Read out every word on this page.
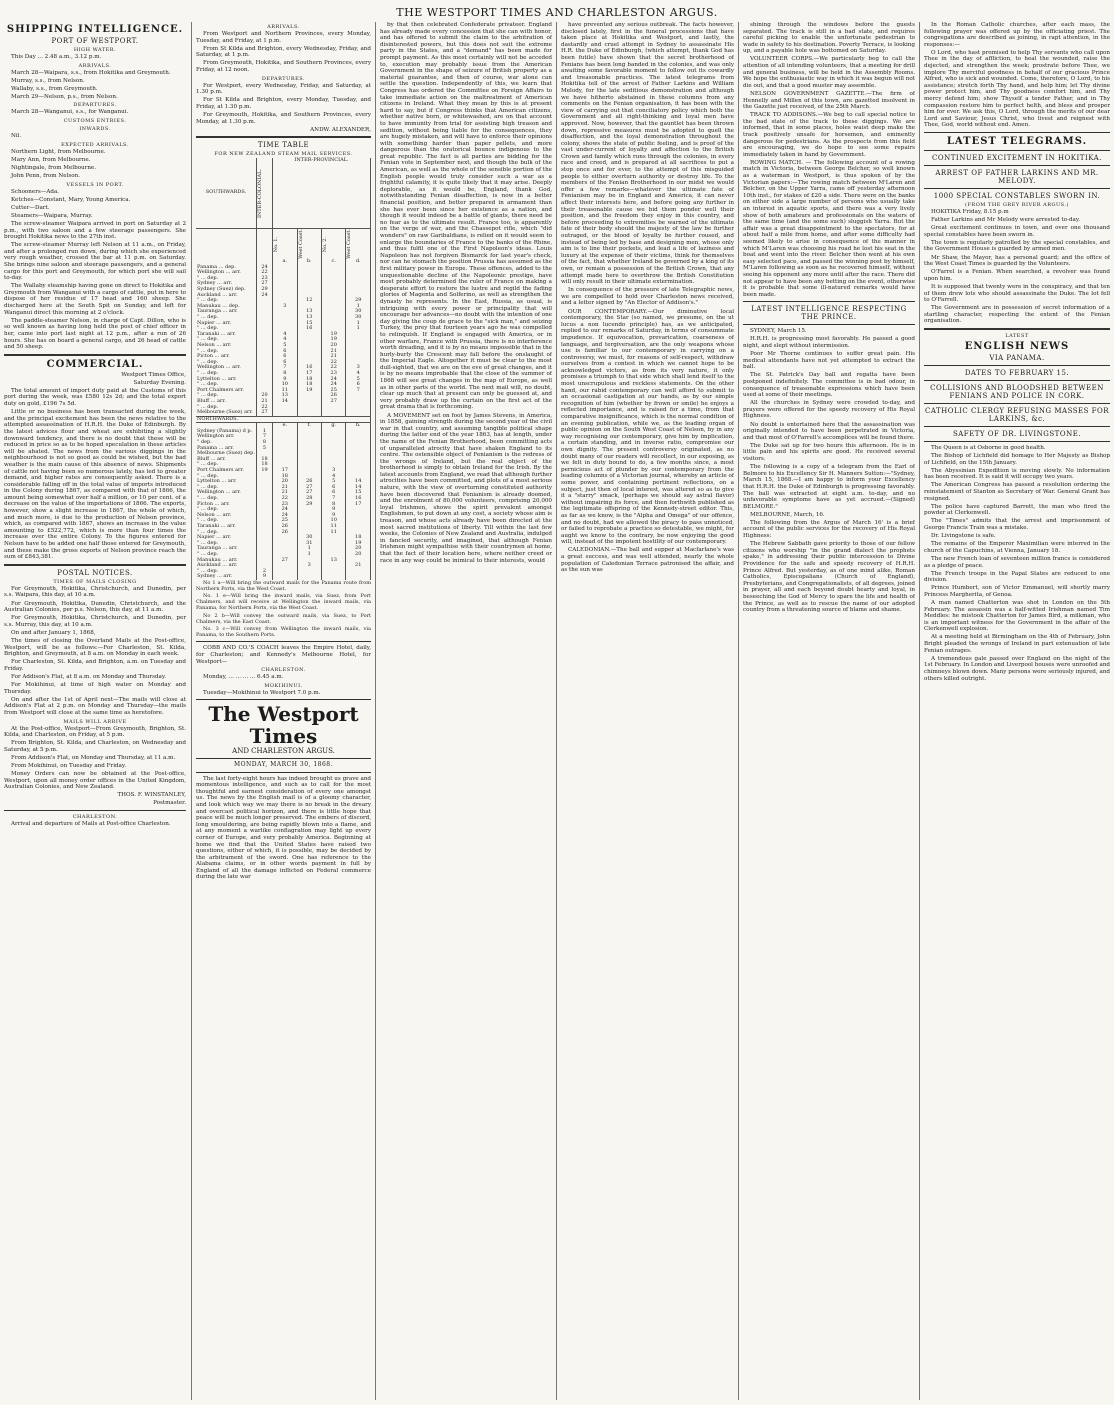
THE WESTPORT TIMES AND CHARLESTON ARGUS.
SHIPPING INTELLIGENCE.
PORT OF WESTPORT.
HIGH WATER.

This Day ... 2.48 a.m., 3.12 p.m.

ARRIVALS.

March 28—Waipara, s.s., from Hokitika and Greymouth.

Murray, s.s., from Nelson.

Wallaby, s.s., from Greymouth.

March 29—Nelson, p.s., from Nelson.

DEPARTURES.

March 28—Wanganui, s.s., for Wanganui.

CUSTOMS ENTRIES.
INWARDS.

Nil.

EXPECTED ARRIVALS.

Northern Light, from Melbourne.

Mary Ann, from Melbourne.

Nightingale, from Melbourne.

John Penn, from Nelson.

VESSELS IN PORT.

Schooners—Ada.

Ketches—Constant, Mary, Young America.

Cutter—Dart.

Steamers—Waipara, Murray.

The screw-steamer Waipara arrived in port on Saturday at 2 p.m., with two saloon and a few steerage passengers. She brought Hokitika news to the 27th inst.

The screw-steamer Murray left Nelson at 11 a.m., on Friday, and after a prolonged run down, during which she experienced very rough weather, crossed the bar at 11 p.m. on Saturday. She brings nine saloon and steerage passengers, and a general cargo for this port and Greymouth, for which port she will sail to-day.

The Wallaby steamship having gone on direct to Hokitika and Greymouth from Wanganui with a cargo of cattle, put in here to dispose of her residue of 17 head and 160 sheep. She discharged here at the South Spit on Sunday, and left for Wanganui direct this morning at 2 o'clock.

The paddle-steamer Nelson, in charge of Capt. Dillon, who is so well known as having long held the post of chief officer in her, came into port last night at 12 p.m., after a run of 26 hours. She has on board a general cargo, and 26 head of cattle and 50 sheep.

COMMERCIAL.

Westport Times Office,

Saturday Evening.

The total amount of import duty paid at the Customs of this port during the week, was £580 12s 2d; and the total export duty on gold, £196 7s 5d.

Little or no business has been transacted during the week, and the principal excitement has been the news relative to the attempted assassination of H.R.H. the Duke of Edinburgh. By the latest advices flour and wheat are exhibiting a slightly downward tendency, and there is no doubt that these will be reduced in price so as to be hoped speculation in these articles will be abated. The news from the various diggings in the neighbourhood is not so good as could be wished, but the bad weather is the main cause of this absence of news. Shipments of cattle not having been so numerous lately, has led to greater demand, and higher rates are consequently asked. There is a considerable falling off in the total value of imports introduced in the Colony during 1867, as compared with that of 1866, the amount being somewhat over half a million, or 10 per cent. of a decrease on the value of the importations of 1866. The exports, however, show a slight increase in 1867, the whole of which, and much more, is due to the production of Nelson province, which, as compared with 1867, shows an increase in the value amounting to £522,772, which is more than four times the increase over the entire Colony. To the figures entered for Nelson have to be added one half those entered for Greymouth, and these make the gross exports of Nelson province reach the sum of £843,381.

POSTAL NOTICES.
TIMES OF MAILS CLOSING

For Greymouth, Hokitika, Christchurch, and Dunedin, per s.s. Waipara, this day, at 10 a.m.

For Greymouth, Hokitika, Dunedin, Christchurch, and the Australian Colonies, per p.s. Nelson, this day, at 11 a.m.

For Greymouth, Hokitika, Christchurch, and Dunedin, per s.s. Murray, this day, at 10 a.m.

On and after January 1, 1868,

The times of closing the Overland Mails at the Post-office, Westport, will be as follows:—For Charleston, St. Kilda, Brighton, and Greymouth, at 8 a.m. on Monday in each week.

For Charleston, St. Kilda, and Brighton, a.m. on Tuesday and Friday.

For Addison's Flat, at 8 a.m. on Monday and Thursday.

For Mokihinui, at time of high water on Monday and Thursday.

On and after the 1st of April next—The mails will close at Addison's Flat at 2 p.m. on Monday and Thursday—the mails from Westport will close at the same time as heretofore.

MAILS WILL ARRIVE

At the Post-office, Westport—From Greymouth, Brighton, St. Kilda, and Charleston, on Friday, at 5 p.m.

From Brighton, St. Kilda, and Charleston, on Wednesday and Saturday, at 5 p.m.

From Addison's Flat, on Monday and Thursday, at 11 a.m.

From Mokihinui, on Tuesday and Friday.

Money Orders can now be obtained at the Post-office, Westport, upon all money order offices in the United Kingdom, Australian Colonies, and New Zealand.

THOS. F. WINSTANLEY,

Postmaster.

CHARLESTON.

Arrival and departure of Mails at Post-office Charleston.

ARRIVALS.

From Westport and Northern Provinces, every Monday, Tuesday, and Friday, at 1 p.m.

From St Kilda and Brighton, every Wednesday, Friday, and Saturday, at 1 p.m.

From Greymouth, Hokitika, and Southern Provinces, every Friday, at 12 noon.

DEPARTURES.

For Westport, every Wednesday, Friday, and Saturday, at 1.30 p.m.

For St Kilda and Brighton, every Monday, Tuesday, and Friday, at 1.30 p.m.

For Greymouth, Hokitika, and Southern Provinces, every Monday, at 1.30 p.m.

ANDW. ALEXANDER,

TIME TABLE
FOR NEW ZEALAND STEAM MAIL SERVICES.
SOUTHWARDS.	INTER-COLONIAL.	INTER-PROVINCIAL.			

		No. 1.	West Coast.	No. 2.	West Coast.

		a.	b.	c.	d.
Panama ... dep.	24				
Wellington ... arr.	22				
" ... dep.	23				
Sydney ... arr.	27				
Sydney (Suez) dep.	29				
Auckland ... arr.	24				
" ... dep.			12		29
Manukau ... dep.		3			1
Tauranga ... arr.			13		30
" ... dep.			13		30
Napier ... arr.			15		1
" ... dep.			16		1
Taranaki ... arr.		4		19	
" ... dep.		4		19	
Nelson ... arr.		5		20	
" ... dep.		6		21	
Picton ... arr.		6		21	
" ... dep.		6		22	
Wellington ... arr.		7	16	22	3
" ... dep.		8	17	23	4
Lyttelton ... arr.		9	18	24	5
" ... dep.		10	18	24	6
Port Chalmers arr.		11	19	25	7
" ... dep.	20	13		26	
Bluff ... arr.	21	14		27	
" ... dep.	22				
Melbourne (Suez) arr.	27				
NORTHWARDS.					
		e.	f.	g.	h.
Sydney (Panama) d p.	1				
Wellington arr.	7				
" dep.	8				
Panama ... arr.	5				
Melbourne (Suez) dep.					
Bluff ... arr.	18				
" ... dep.	18				
Port Chalmers arr.	19	17		3	
" ... dep.		18		4	
Lyttelton ... arr.		20	26	5	14
" ... dep.		21	27	6	14
Wellington ... arr.		21	27	6	15
" ... dep.		22	28	7	16
Picton ... arr.		23	29	8	17
" ... dep.		24		9	
Nelson ... arr.		24		9	
" ... dep.		25		10	
Taranaki ... arr.		26		11	
" ... dep.		26		11	
Napier ... arr.			30		18
" ... dep.			31		19
Tauranga ... arr.			1		20
" ... dep.			1		20
Manukau ... arr.		27		13	
Auckland ... arr.			3		21
" ... dep.	2				
Sydney ... arr.	9				

No 1 a—Will bring the outward mails for the Panama route from Northern Ports, via the West Coast.

No. 1 e—Will bring the inward mails, via Suez, from Port Chalmers, and will receive at Wellington the inward mails, via Panama, for Northern Ports, via the West Coast.

No 2 b—Will convey the outward mails, via Suez, to Port Chalmers, via the East Coast.

No. 3 c—Will convey from Wellington the inward mails, via Panama, to the Southern Ports.

COBB AND CO.'S COACH leaves the Empire Hotel, daily, for Charleston; and Kennedy's Melbourne Hotel, for Westport—

CHARLESTON.

Monday, ... ... ... ... 6.45 a.m.

MOKIHINUI.

Tuesday—Mokihinui to Westport 7.0 p.m.

The Westport Times
AND CHARLESTON ARGUS.
MONDAY, MARCH 30, 1868.

The last forty-eight hours has indeed brought us grave and momentous intelligence, and such as to call for the most thoughtful and earnest consideration of every one amongst us. The news by the English mail is of a gloomy character, and look which way we may there is no break in the dreary and overcast political horizon, and there is little hope that peace will be much longer preserved. The embers of discord, long smouldering, are being rapidly blown into a flame, and at any moment a warlike conflagration may light up every corner of Europe, and very probably America. Beginning at home we find that the United States have raised two questions, either of which, it is possible, may be decided by the arbitrament of the sword. One has reference to the Alabama claims, or in other words payment in full by England of all the damage inflicted on Federal commerce during the late war

by that then celebrated Confederate privateer. England has already made every concession that she can with honor, and has offered to submit the claim to the arbitration of disinterested powers, but this does not suit the extreme party in the States, and a "demand" has been made for prompt payment. As this most certainly will not be acceded to, execution may probably issue from the American Government in the shape of seizure of British property as a material guarantee, and then of course, war alone can settle the question. Independently of this, we learn that Congress has ordered the Committee on Foreign Affairs to take immediate action on the maltreatment of American citizens in Ireland. What they mean by this is at present hard to say, but if Congress thinks that American citizens, whether native born, or whitewashed, are on that account to have immunity from trial for assisting high treason and sedition, without being liable for the consequences, they are hugely mistaken, and will have to enforce their opinions with something harder than paper pellets, and more dangerous than the oratorical bounce indigenous to the great republic. The fact is all parties are bidding for the Fenian vote in September next, and though the bulk of the American, as well as the whole of the sensible portion of the English people would truly consider such a war as a frightful calamity, it is quite likely that it may arise. Deeply deplorable, as it would be, England, thank God, notwithstanding Fenian disaffection, is now in a better financial position, and better prepared in armament than she has ever been since her existence as a nation, and though it would indeed be a battle of giants, there need be no fear as to the ultimate result. France too, is apparently on the verge of war, and the Chassepot rifle, which "did wonders" on raw Garibaldians, is relied on it would seem to enlarge the boundaries of France to the banks of the Rhine, and thus fulfil one of the First Napoleon's ideas. Louis Napoleon has not forgiven Bismarck for last year's check, nor can he stomach the position Prussia has assumed as the first military power in Europe. These offences, added to the unquestionable decline of the Napoleonic prestige, have most probably determined the ruler of France on making a desperate effort to restore the lustre and regild the fading glories of Magenta and Solferino, as well as strengthen the dynasty he represents. In the East, Russia, as usual, is intriguing with every power or principality that will encourage her advances—no doubt with the intention of one day giving the coup de grace to the "sick man," and seizing Turkey, the prey that fourteen years ago he was compelled to relinquish. If England is engaged with America, or in other warfare, France with Prussia, there is no interference worth dreading, and it is by no means impossible that in the hurly-burly the Crescent may fall before the onslaught of the Imperial Eagle. Altogether it must be clear to the most dull-sighted, that we are on the eve of great changes, and it is by no means improbable that the close of the summer of 1868 will see great changes in the map of Europe, as well as in other parts of the world. The next mail will, no doubt, clear up much that at present can only be guessed at, and very probably draw up the curtain on the first act of the great drama that is forthcoming.

A MOVEMENT set on foot by James Stevens, in America, in 1858, gaining strength during the second year of the civil war in that country, and assuming tangible political shape during the latter end of the year 1863, has at length, under the name of the Fenian Brotherhood, been committing acts of unparalleled atrocity that have shaken England to its centre. The ostensible object of Fenianism is the redress of the wrongs of Ireland, but the real object of the brotherhood is simply to obtain Ireland for the Irish. By the latest accounts from England, we read that although further atrocities have been committed, and plots of a most serious nature, with the view of overturning constituted authority have been discovered that Fenianism is already doomed, and the enrolment of 80,000 volunteers, comprising 20,000 loyal Irishmen, shows the spirit prevalent amongst Englishmen, to put down at any cost, a society whose aim is treason, and whose acts already have been directed at the most sacred institutions of liberty. Till within the last few weeks, the Colonies of New Zealand and Australia, indulged in fancied security, and imagined, that although Fenian Irishmen might sympathise with their countrymen at home, that the fact of their location here, where neither creed or race in any way could be inimical to their interests, would

have prevented any serious outbreak. The facts however, disclosed lately, first in the funeral processions that have taken place at Hokitika and Westport, and lastly, the dastardly and cruel attempt in Sydney to assassinate His H.R. the Duke of Edinburgh, (which attempt, thank God has been futile) have shown that the secret brotherhood of Fenians has been long banded in the colonies, and was only awaiting some favorable moment to follow out its cowardly and treasonable practices. The latest telegrams from Hokitika tell of the arrest of Father Larkins and William Melody, for the late seditious demonstration and although we have hitherto abstained in these columns from any comments on the Fenian organisation, it has been with the view of carrying out that conciliatory policy which both the Government and all right-thinking and loyal men have approved. Now, however, that the gauntlet has been thrown down, repressive measures must be adopted to quell the disaffection, and the loyal demonstration throughout the colony, shows the state of public feeling, and is proof of the vast under-current of loyalty and affection to the British Crown and family which runs through the colonies, in every race and creed, and is prepared at all sacrifices to put a stop once and for ever, to the attempt of this misguided people to either overturn authority or destroy life. To the members of the Fenian Brotherhood in our midst we would offer a few remarks—whatever the ultimate fate of Fenianism may be in England and America, it can never affect their interests here, and before going any further in their treasonable cause we bid them ponder well their position, and the freedom they enjoy in this country, and before proceeding to extremities be warned of the ultimate fate of their body should the majesty of the law be further outraged, or the blood of loyalty be further roused, and instead of being led by base and designing men, whose only aim is to line their pockets, and lead a life of laziness and luxury at the expense of their victims, think for themselves of the fact, that whether Ireland be governed by a king of its own, or remain a possession of the British Crown, that any attempt made here to overthrow the British Constitution will only result in their ultimate extermination.

In consequence of the pressure of late Telegraphic news, we are compelled to hold over Charleston news received, and a letter signed by "An Elector of Addison's."

OUR CONTEMPORARY.—Our diminutive local contemporary, the Star (so named, we presume, on the ut lucus a non lucendo principle) has, as we anticipated, replied to our remarks of Saturday, in terms of consummate impudence. If equivocation, prevarication, coarseness of language, and tergiversation, are the only weapons whose use is familiar to our contemporary in carrying on a controversy, we must, for reasons of self-respect, withdraw ourselves from a contest in which we cannot hope to be acknowledged victors, as from its very nature, it only promises a triumph to that side which shall lend itself to the most unscrupulous and reckless statements. On the other hand, our rabid contemporary can well afford to submit to an occasional castigation at our hands, as by our simple recognition of him (whether by frown or smile) he enjoys a reflected importance, and is raised for a time, from that comparative insignificance, which is the normal condition of an evening publication, while we, as the leading organ of public opinion on the South West Coast of Nelson, by in any way recognising our contemporary, give him by implication, a certain standing, and in inverse ratio, compromise our own dignity. The present controversy originated, as no doubt many of our readers will recollect, in our exposing, as we felt in duty bound to do, a few months since, a most pernicious act of plunder by our contemporary from the leading columns of a Victorian journal, whereby an article of some power, and containing pertinent reflections, on a subject, just then of local interest, was altered so as to give it a "starry" smack, (perhaps we should say astral flavor) without impairing its force, and then forthwith published as the legitimate offspring of the Kennedy-street editor. This, as far as we know, is the "Alpha and Omega" of our offence, and no doubt, had we allowed the piracy to pass unnoticed, or failed to reprobate a practice so detestable, we might, for aught we know to the contrary, be now enjoying the good will, instead of the impotent hostility of our contemporary.

CALEDONIAN.—The ball and supper at Macfarlane's was a great success, and was well attended, nearly the whole population of Caledonian Terrace patronised the affair, and as the sun was

shining through the windows before the guests separated. The track is still in a bad state, and requires careful picking to enable the unfortunate pedestrian to wade in safety to his destination. Poverty Terrace, is looking up, and a payable hole was bottomed on Saturday.

VOLUNTEER CORPS.—We particularly beg to call the attention of all intending volunteers, that a meeting for drill and general business, will be held in the Assembly Rooms. We hope the enthusiastic way in which it was begun will not die out, and that a good muster may assemble.

NELSON GOVERNMENT GAZETTE.—The firm of Hennelly and Millen of this town, are gazetted insolvent in the Gazette just received, of the 25th March.

TRACK TO ADDISONS.—We beg to call special notice to the bad state of the track to these diggings. We are informed, that in some places, holes waist deep make the track positively unsafe for horsemen, and eminently dangerous for pedestrians. As the prospects from this field are encouraging, we do hope to see some repairs immediately taken in hand by Government.

ROWING MATCH. — The following account of a rowing match in Victoria, between George Belcher, so well known as a waterman in Westport, is thus spoken of by the Victorian papers:—The rowing match between M'Laren and Belcher, on the Upper Yarra, came off yesterday afternoon 10th inst., for stakes of £20 a side. There were on the banks on either side a large number of persons who usually take an interest in aquatic sports, and there was a very lively show of both amateurs and professionals on the waters of the same time (and the some such) sluggish Yarra. But the affair was a great disappointment to the spectators, for at about half a mile from home, and after some difficulty had seemed likely to arise in consequence of the manner in which M'Laren was choosing his road he lost his seat in the boat and went into the river. Belcher then went at his own easy selected pace, and passed the winning post by himself, M'Laren following as soon as he recovered himself, without seeing his opponent any more until after the race. There did not appear to have been any betting on the event, otherwise it is probable that some ill-natured remarks would have been made.

LATEST INTELLIGENCE RESPECTING THE PRINCE.

SYDNEY, March 15.

H.R.H. is progressing most favorably. He passed a good night, and slept without intermission.

Poor Mr Thorne continues to suffer great pain. His medical attendants have not yet attempted to extract the ball.

The St. Patrick's Day ball and regatta have been postponed indefinitely. The committee is in bad odour, in consequence of treasonable expressions which have been used at some of their meetings.

All the churches in Sydney were crowded to-day, and prayers were offered for the speedy recovery of His Royal Highness.

No doubt is entertained here that the assassination was originally intended to have been perpetrated in Victoria, and that most of O'Farrell's accomplices will be found there.

The Duke sat up for two hours this afternoon. He is in little pain and his spirits are good. He received several visitors.

The following is a copy of a telegram from the Earl of Belmore to his Excellency Sir H. Manners Sutton:—"Sydney, March 15, 1868.—I am happy to inform your Excellency that H.R.H. the Duke of Edinburgh is progressing favorably. The ball was extracted at eight a.m. to-day, and no unfavorable symptoms have as yet accrued.—(Signed) BELMORE."

MELBOURNE, March, 16.

The following from the Argus of March 16' is a brief account of the public services for the recovery of His Royal Highness:

The Hebrew Sabbath gave priority to those of our fellow citizens who worship "in the grand dialect the prophets spake," in addressing their public intercession to Divine Providence for the safe and speedy recovery of H.R.H. Prince Alfred. But yesterday, as of one mind alike, Roman Catholics, Episcopalians (Church of England), Presbyterians, and Congregationalists, of all degrees, joined in prayer, all and each beyond doubt hearty and loyal, in beseeching the God of Mercy to spare the life and health of the Prince, as well as to rescue the name of our adopted country from a threatening source of blame and shame.

In the Roman Catholic churches, after each mass, the following prayer was offered up by the officiating priest. The congregations are described as joining, in rapt attention, in the responses:—

O Lord, who hast promised to help Thy servants who call upon Thee in the day of affliction, to heal the wounded, raise the dejected, and strengthen the week; prostrate before Thee, we implore Thy merciful goodness in behalf of our gracious Prince Alfred, who is sick and wounded. Come, therefore, O Lord, to his assistance; stretch forth Thy hand, and help him; let Thy divine power protect him, and Thy goodness comfort him, and Thy mercy defend him; show Thyself a tender Father, and in Thy compassion restore him to perfect helth, and bless and prosper him for ever. We ask this, O Lord, through the merits of our dear Lord and Saviour, Jesus Christ, who livest and reignest with Thee, God, world without end. Amen.

LATEST TELEGRAMS.
CONTINUED EXCITEMENT IN HOKITIKA.
ARREST OF FATHER LARKINS AND MR. MELODY.
1000 SPECIAL CONSTABLES SWORN IN.
(FROM THE GREY RIVER ARGUS.)

HOKITIKA Friday, 8.15 p.m

Father Larkins and Mr Melody were arrested to-day.

Great excitement continues in town, and over one thousand special constables have been sworn in.

The town is regularly patrolled by the special constables, and the Government House is guarded by armed men.

Mr Shaw, the Mayor, has a personal guard; and the office of the West Coast Times is guarded by the Volunteers.

O'Farrel is a Fenian. When searched, a revolver was found upon him.

It is supposed that twenty were in the conspiracy, and that ten of them drew lots who should assassinate the Duke. The lot fell to O'Farrell.

The Government are in possession of secret information of a startling character, respecting the extent of the Fenian organisation.

LATEST
ENGLISH NEWS
VIA PANAMA.
DATES TO FEBRUARY 15.
COLLISIONS AND BLOODSHED BETWEEN FENIANS AND POLICE IN CORK.
CATHOLIC CLERGY REFUSING MASSES FOR LARKINS, &c.
SAFETY OF DR. LIVINGSTONE.

The Queen is at Osborne in good health.

The Bishop of Lichfield did homage to Her Majesty as Bishop of Lichfield, on the 15th January.

The Abyssinian Expedition is moving slowly. No information has been received. It is said it will occupy two years.

The American Congress has passed a resolution ordering the reinstatement of Stanton as Secretary of War. General Grant has resigned.

The police have captured Barrett, the man who fired the powder at Clerkenwell.

The "Times" admits that the arrest and imprisonment of George Francis Train was a mistake.

Dr. Livingstone is safe.

The remains of the Emperor Maximilian were interred in the church of the Capuchins, at Vienna, January 18.

The new French loan of seventeen million francs is considered as a pledge of peace.

The French troops in the Papal States are reduced to one division.

Prince Humbert, son of Victor Emmanuel, will shortly marry Princess Margherita, of Genoa.

A man named Chatterton was shot in London on the 5th February. The assassin was a half-witted Irishman named Tim Meddles: he mistook Chatterton for James Bird, a milkman, who is an important witness for the Government in the affair of the Clerkenwell explosion.

At a meeting held at Birmingham on the 4th of February, John Bright pleaded the wrongs of Ireland in part extenuation of late Fenian outrages.

A tremendous gale passed over England on the night of the 1st February. In London and Liverpool houses were unroofed and chimneys blown down. Many persons were seriously injured, and others killed outright.
